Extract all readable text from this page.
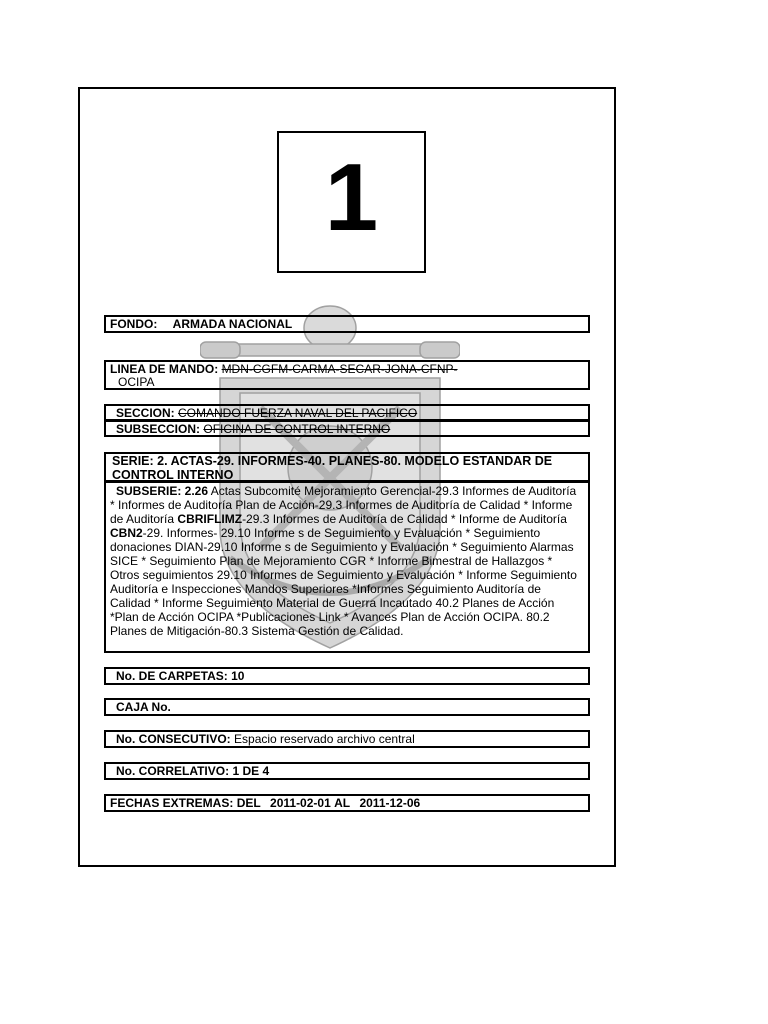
1
FONDO: ARMADA NACIONAL
LINEA DE MANDO: MDN-CGFM-CARMA-SECAR-JONA-CFNP-
OCIPA
SECCION: COMANDO FUERZA NAVAL DEL PACIFICO
SUBSECCION: OFICINA DE CONTROL INTERNO
SERIE: 2. ACTAS-29. INFORMES-40. PLANES-80. MODELO ESTANDAR DE CONTROL INTERNO
SUBSERIE: 2.26 Actas Subcomité Mejoramiento Gerencial-29.3 Informes de Auditoría * Informes de Auditoría Plan de Acción-29.3 Informes de Auditoría de Calidad * Informe de Auditoría CBRIFLIMZ-29.3 Informes de Auditoría de Calidad * Informe de Auditoría CBN2-29. Informes- 29.10 Informe s de Seguimiento y Evaluación * Seguimiento donaciones DIAN-29.10 Informe s de Seguimiento y Evaluación * Seguimiento Alarmas SICE * Seguimiento Plan de Mejoramiento CGR * Informe Bimestral de Hallazgos * Otros seguimientos 29.10 Informes de Seguimiento y Evaluación * Informe Seguimiento Auditoría e Inspecciones Mandos Superiores *Informes Seguimiento Auditoría de Calidad * Informe Seguimiento Material de Guerra Incautado 40.2 Planes de Acción *Plan de Acción OCIPA *Publicaciones Link * Avances Plan de Acción OCIPA. 80.2 Planes de Mitigación-80.3 Sistema Gestión de Calidad.
No. DE CARPETAS: 10
CAJA No.
No. CONSECUTIVO: Espacio reservado archivo central
No. CORRELATIVO: 1 DE 4
FECHAS EXTREMAS: DEL 2011-02-01 AL 2011-12-06
